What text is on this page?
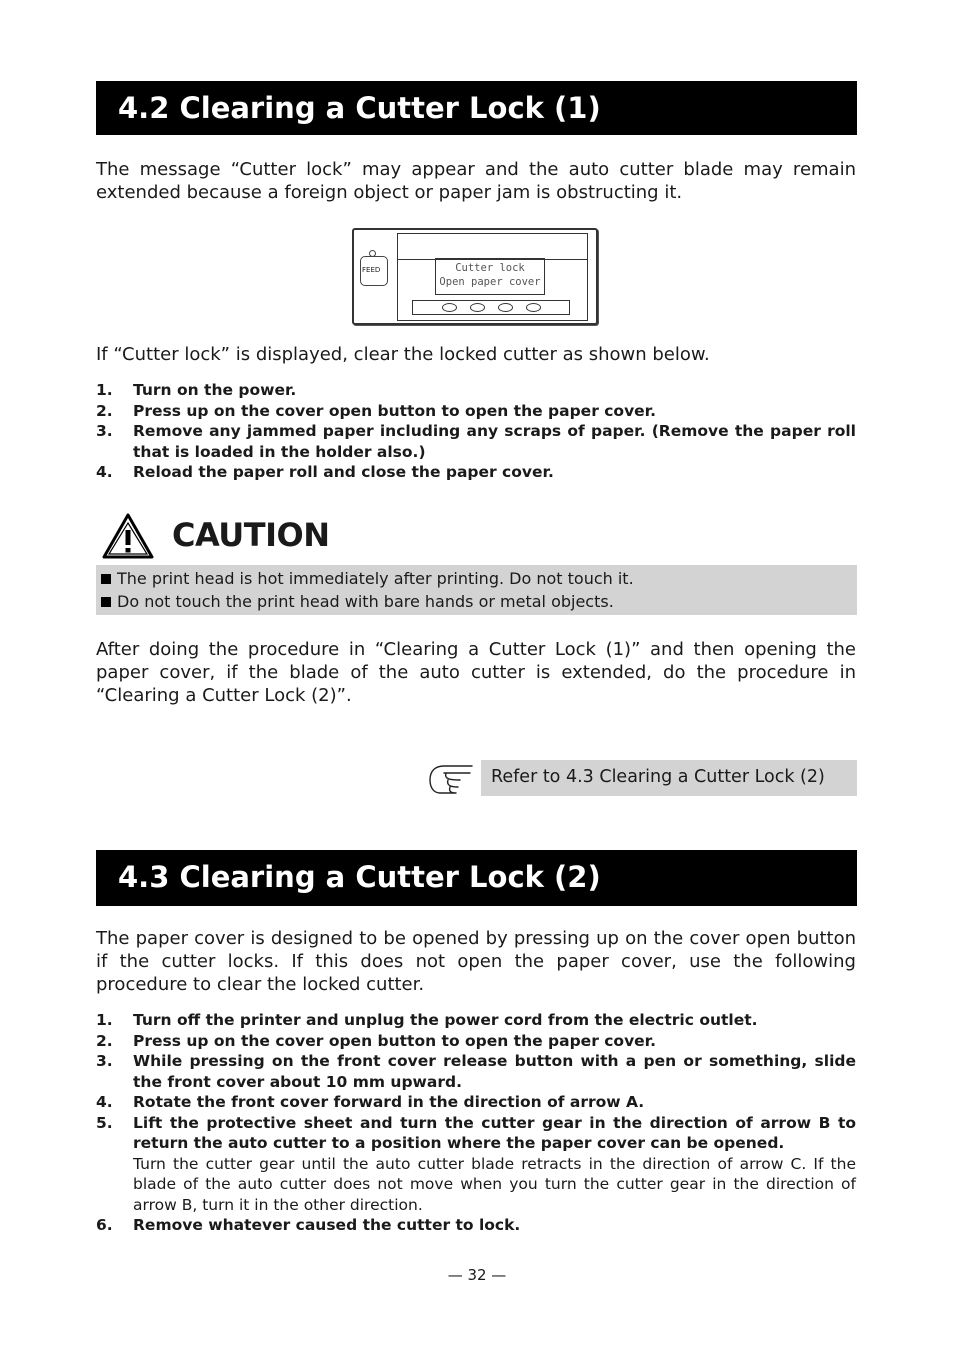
4.2 Clearing a Cutter Lock (1)

The message “Cutter lock” may appear and the auto cutter blade may remain extended because a foreign object or paper jam is obstructing it.

FEED	Cutter lock
Open paper cover

If “Cutter lock” is displayed, clear the locked cutter as shown below.

1. Turn on the power.
2. Press up on the cover open button to open the paper cover.
3. Remove any jammed paper including any scraps of paper. (Remove the paper roll that is loaded in the holder also.)
4. Reload the paper roll and close the paper cover.
CAUTION
The print head is hot immediately after printing. Do not touch it.
Do not touch the print head with bare hands or metal objects.

After doing the procedure in “Clearing a Cutter Lock (1)” and then opening the paper cover, if the blade of the auto cutter is extended, do the procedure in “Clearing a Cutter Lock (2)”.

Refer to 4.3 Clearing a Cutter Lock (2)
4.3 Clearing a Cutter Lock (2)

The paper cover is designed to be opened by pressing up on the cover open button if the cutter locks. If this does not open the paper cover, use the following procedure to clear the locked cutter.

1. Turn off the printer and unplug the power cord from the electric outlet.
2. Press up on the cover open button to open the paper cover.
3. While pressing on the front cover release button with a pen or something, slide the front cover about 10 mm upward.
4. Rotate the front cover forward in the direction of arrow A.
5. Lift the protective sheet and turn the cutter gear in the direction of arrow B to return the auto cutter to a position where the paper cover can be opened.
Turn the cutter gear until the auto cutter blade retracts in the direction of arrow C. If the blade of the auto cutter does not move when you turn the cutter gear in the direction of arrow B, turn it in the other direction.
6. Remove whatever caused the cutter to lock.
— 32 —
